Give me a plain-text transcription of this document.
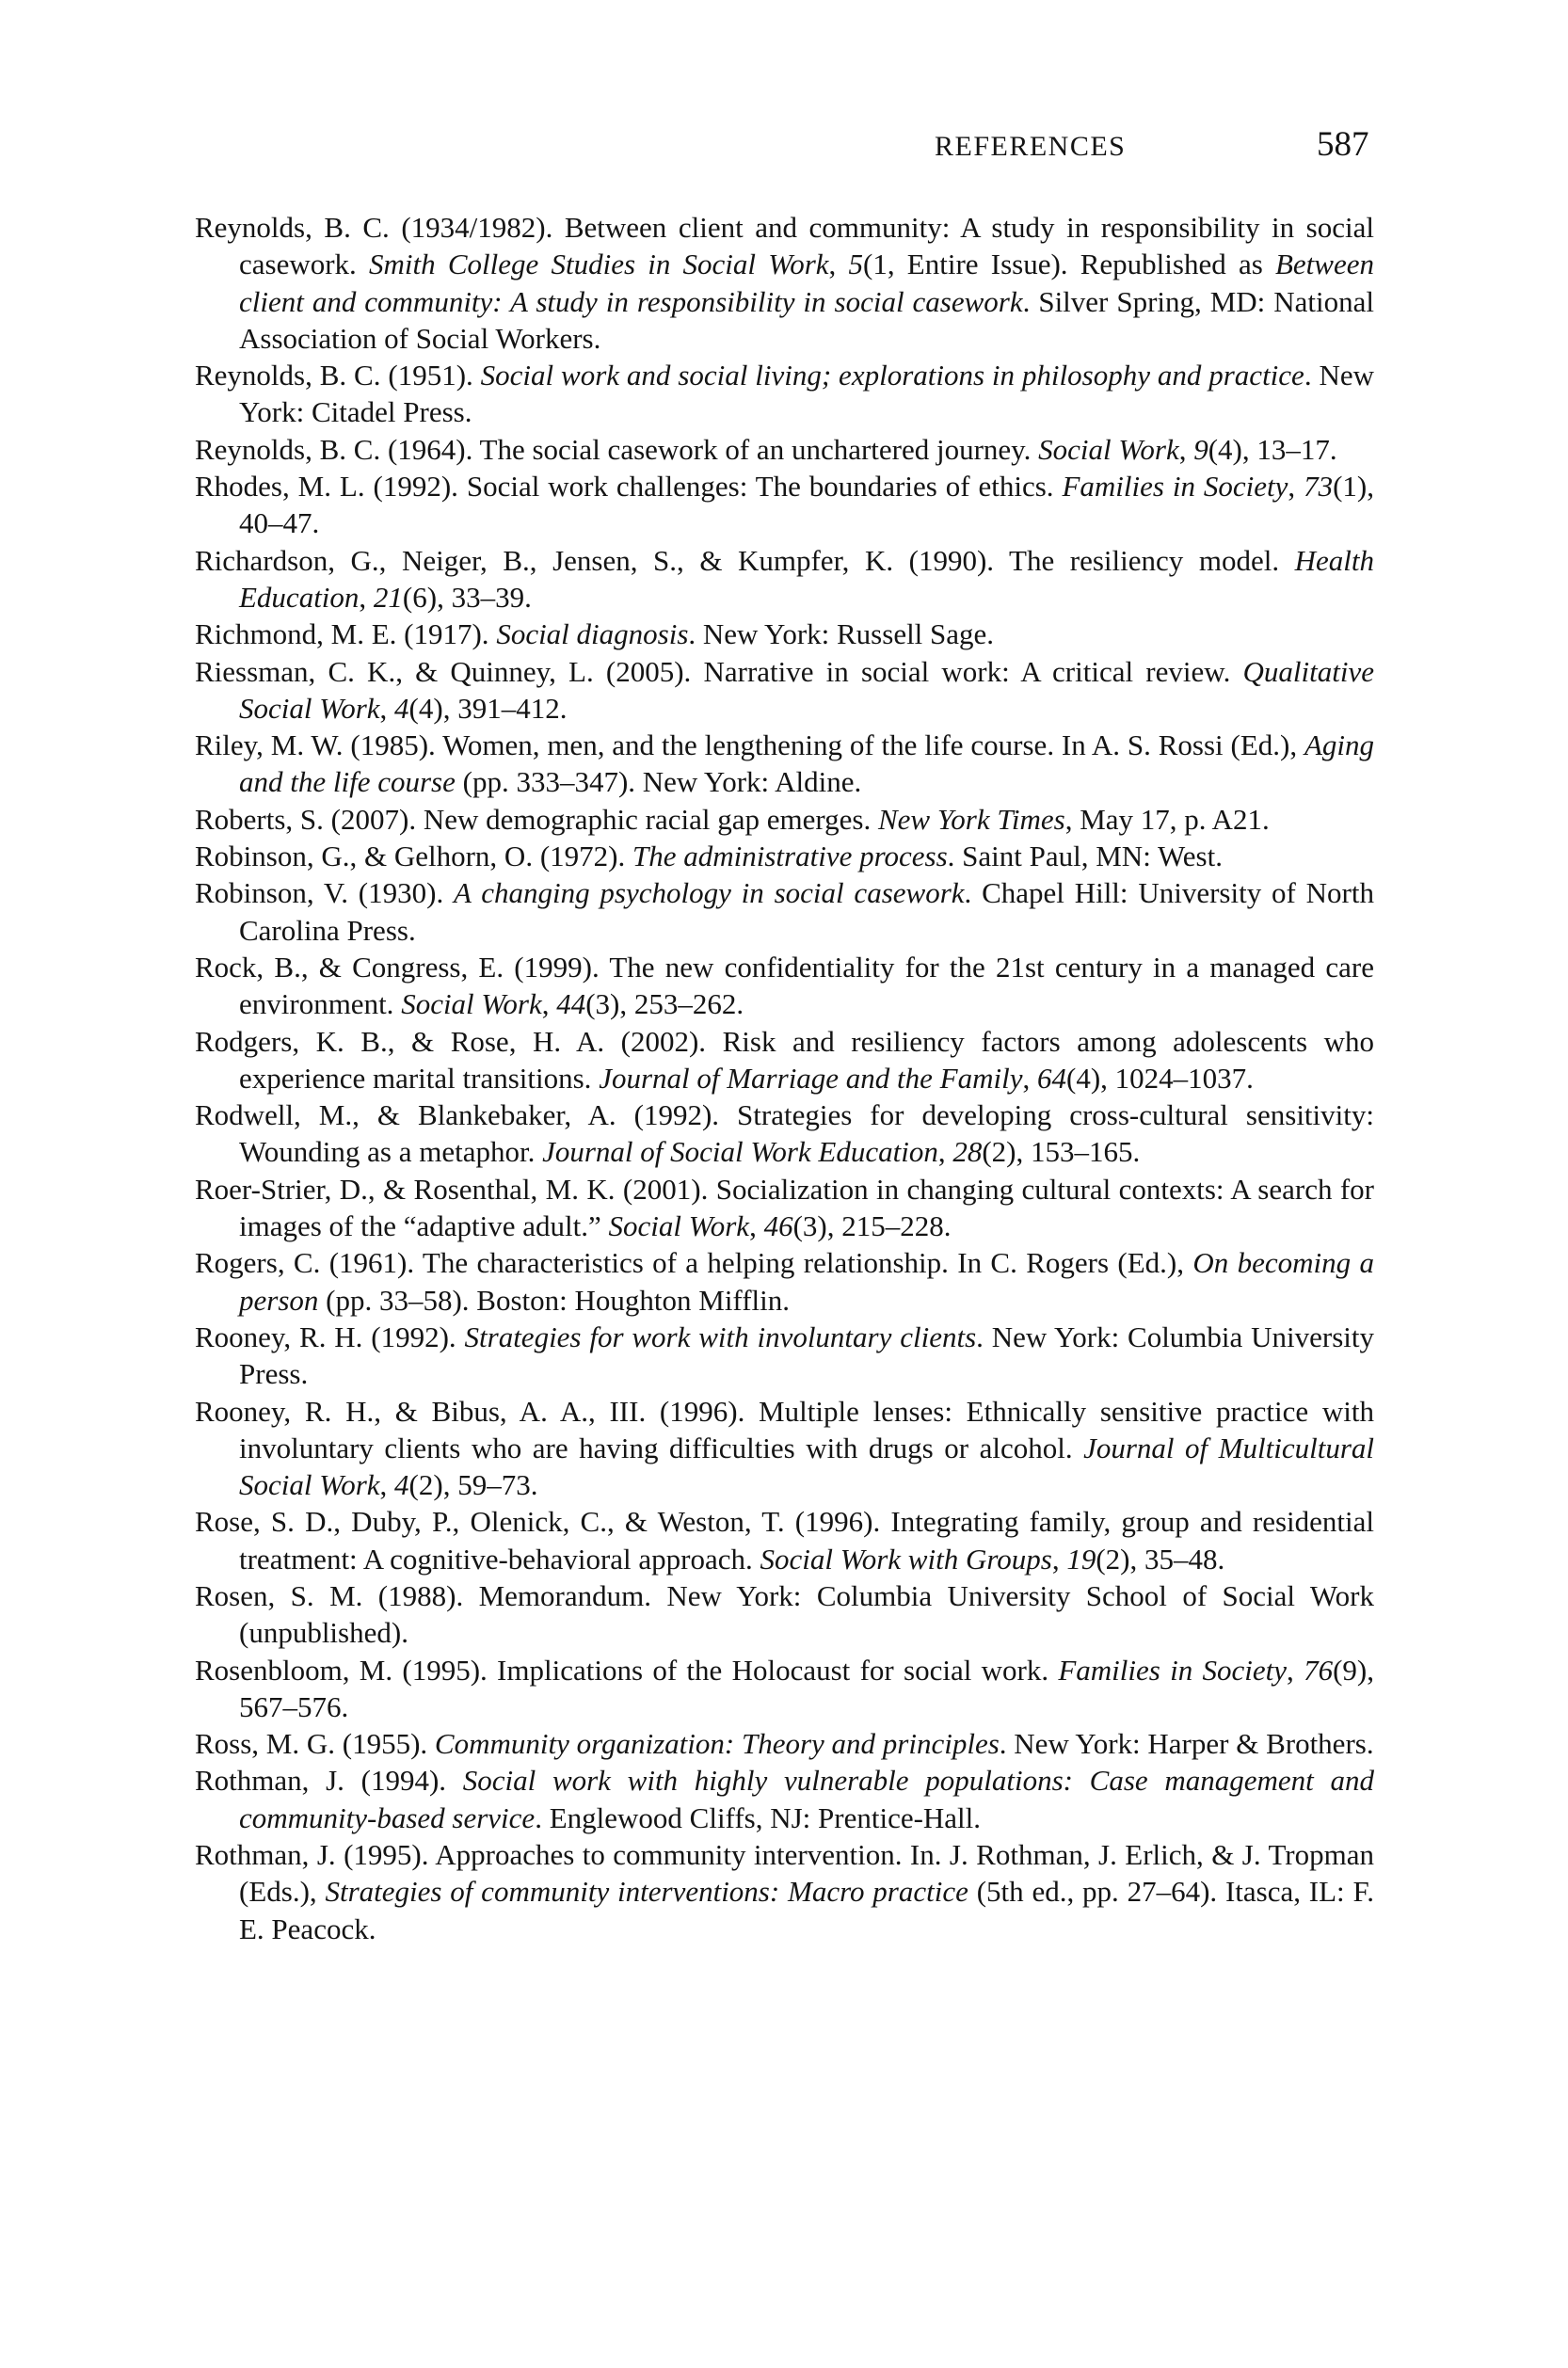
REFERENCES	587

Reynolds, B. C. (1934/1982). Between client and community: A study in responsibility in social casework. Smith College Studies in Social Work, 5(1, Entire Issue). Republished as Between client and community: A study in responsibility in social casework. Silver Spring, MD: National Association of Social Workers.

Reynolds, B. C. (1951). Social work and social living; explorations in philosophy and practice. New York: Citadel Press.

Reynolds, B. C. (1964). The social casework of an unchartered journey. Social Work, 9(4), 13–17.

Rhodes, M. L. (1992). Social work challenges: The boundaries of ethics. Families in Society, 73(1), 40–47.

Richardson, G., Neiger, B., Jensen, S., & Kumpfer, K. (1990). The resiliency model. Health Education, 21(6), 33–39.

Richmond, M. E. (1917). Social diagnosis. New York: Russell Sage.

Riessman, C. K., & Quinney, L. (2005). Narrative in social work: A critical review. Qualitative Social Work, 4(4), 391–412.

Riley, M. W. (1985). Women, men, and the lengthening of the life course. In A. S. Rossi (Ed.), Aging and the life course (pp. 333–347). New York: Aldine.

Roberts, S. (2007). New demographic racial gap emerges. New York Times, May 17, p. A21.

Robinson, G., & Gelhorn, O. (1972). The administrative process. Saint Paul, MN: West.

Robinson, V. (1930). A changing psychology in social casework. Chapel Hill: University of North Carolina Press.

Rock, B., & Congress, E. (1999). The new confidentiality for the 21st century in a managed care environment. Social Work, 44(3), 253–262.

Rodgers, K. B., & Rose, H. A. (2002). Risk and resiliency factors among adolescents who experience marital transitions. Journal of Marriage and the Family, 64(4), 1024–1037.

Rodwell, M., & Blankebaker, A. (1992). Strategies for developing cross-cultural sensitivity: Wounding as a metaphor. Journal of Social Work Education, 28(2), 153–165.

Roer-Strier, D., & Rosenthal, M. K. (2001). Socialization in changing cultural contexts: A search for images of the “adaptive adult.” Social Work, 46(3), 215–228.

Rogers, C. (1961). The characteristics of a helping relationship. In C. Rogers (Ed.), On becoming a person (pp. 33–58). Boston: Houghton Mifflin.

Rooney, R. H. (1992). Strategies for work with involuntary clients. New York: Columbia University Press.

Rooney, R. H., & Bibus, A. A., III. (1996). Multiple lenses: Ethnically sensitive practice with involuntary clients who are having difficulties with drugs or alcohol. Journal of Multicultural Social Work, 4(2), 59–73.

Rose, S. D., Duby, P., Olenick, C., & Weston, T. (1996). Integrating family, group and residential treatment: A cognitive-behavioral approach. Social Work with Groups, 19(2), 35–48.

Rosen, S. M. (1988). Memorandum. New York: Columbia University School of Social Work (unpublished).

Rosenbloom, M. (1995). Implications of the Holocaust for social work. Families in Society, 76(9), 567–576.

Ross, M. G. (1955). Community organization: Theory and principles. New York: Harper & Brothers.

Rothman, J. (1994). Social work with highly vulnerable populations: Case management and community-based service. Englewood Cliffs, NJ: Prentice-Hall.

Rothman, J. (1995). Approaches to community intervention. In. J. Rothman, J. Erlich, & J. Tropman (Eds.), Strategies of community interventions: Macro practice (5th ed., pp. 27–64). Itasca, IL: F. E. Peacock.
